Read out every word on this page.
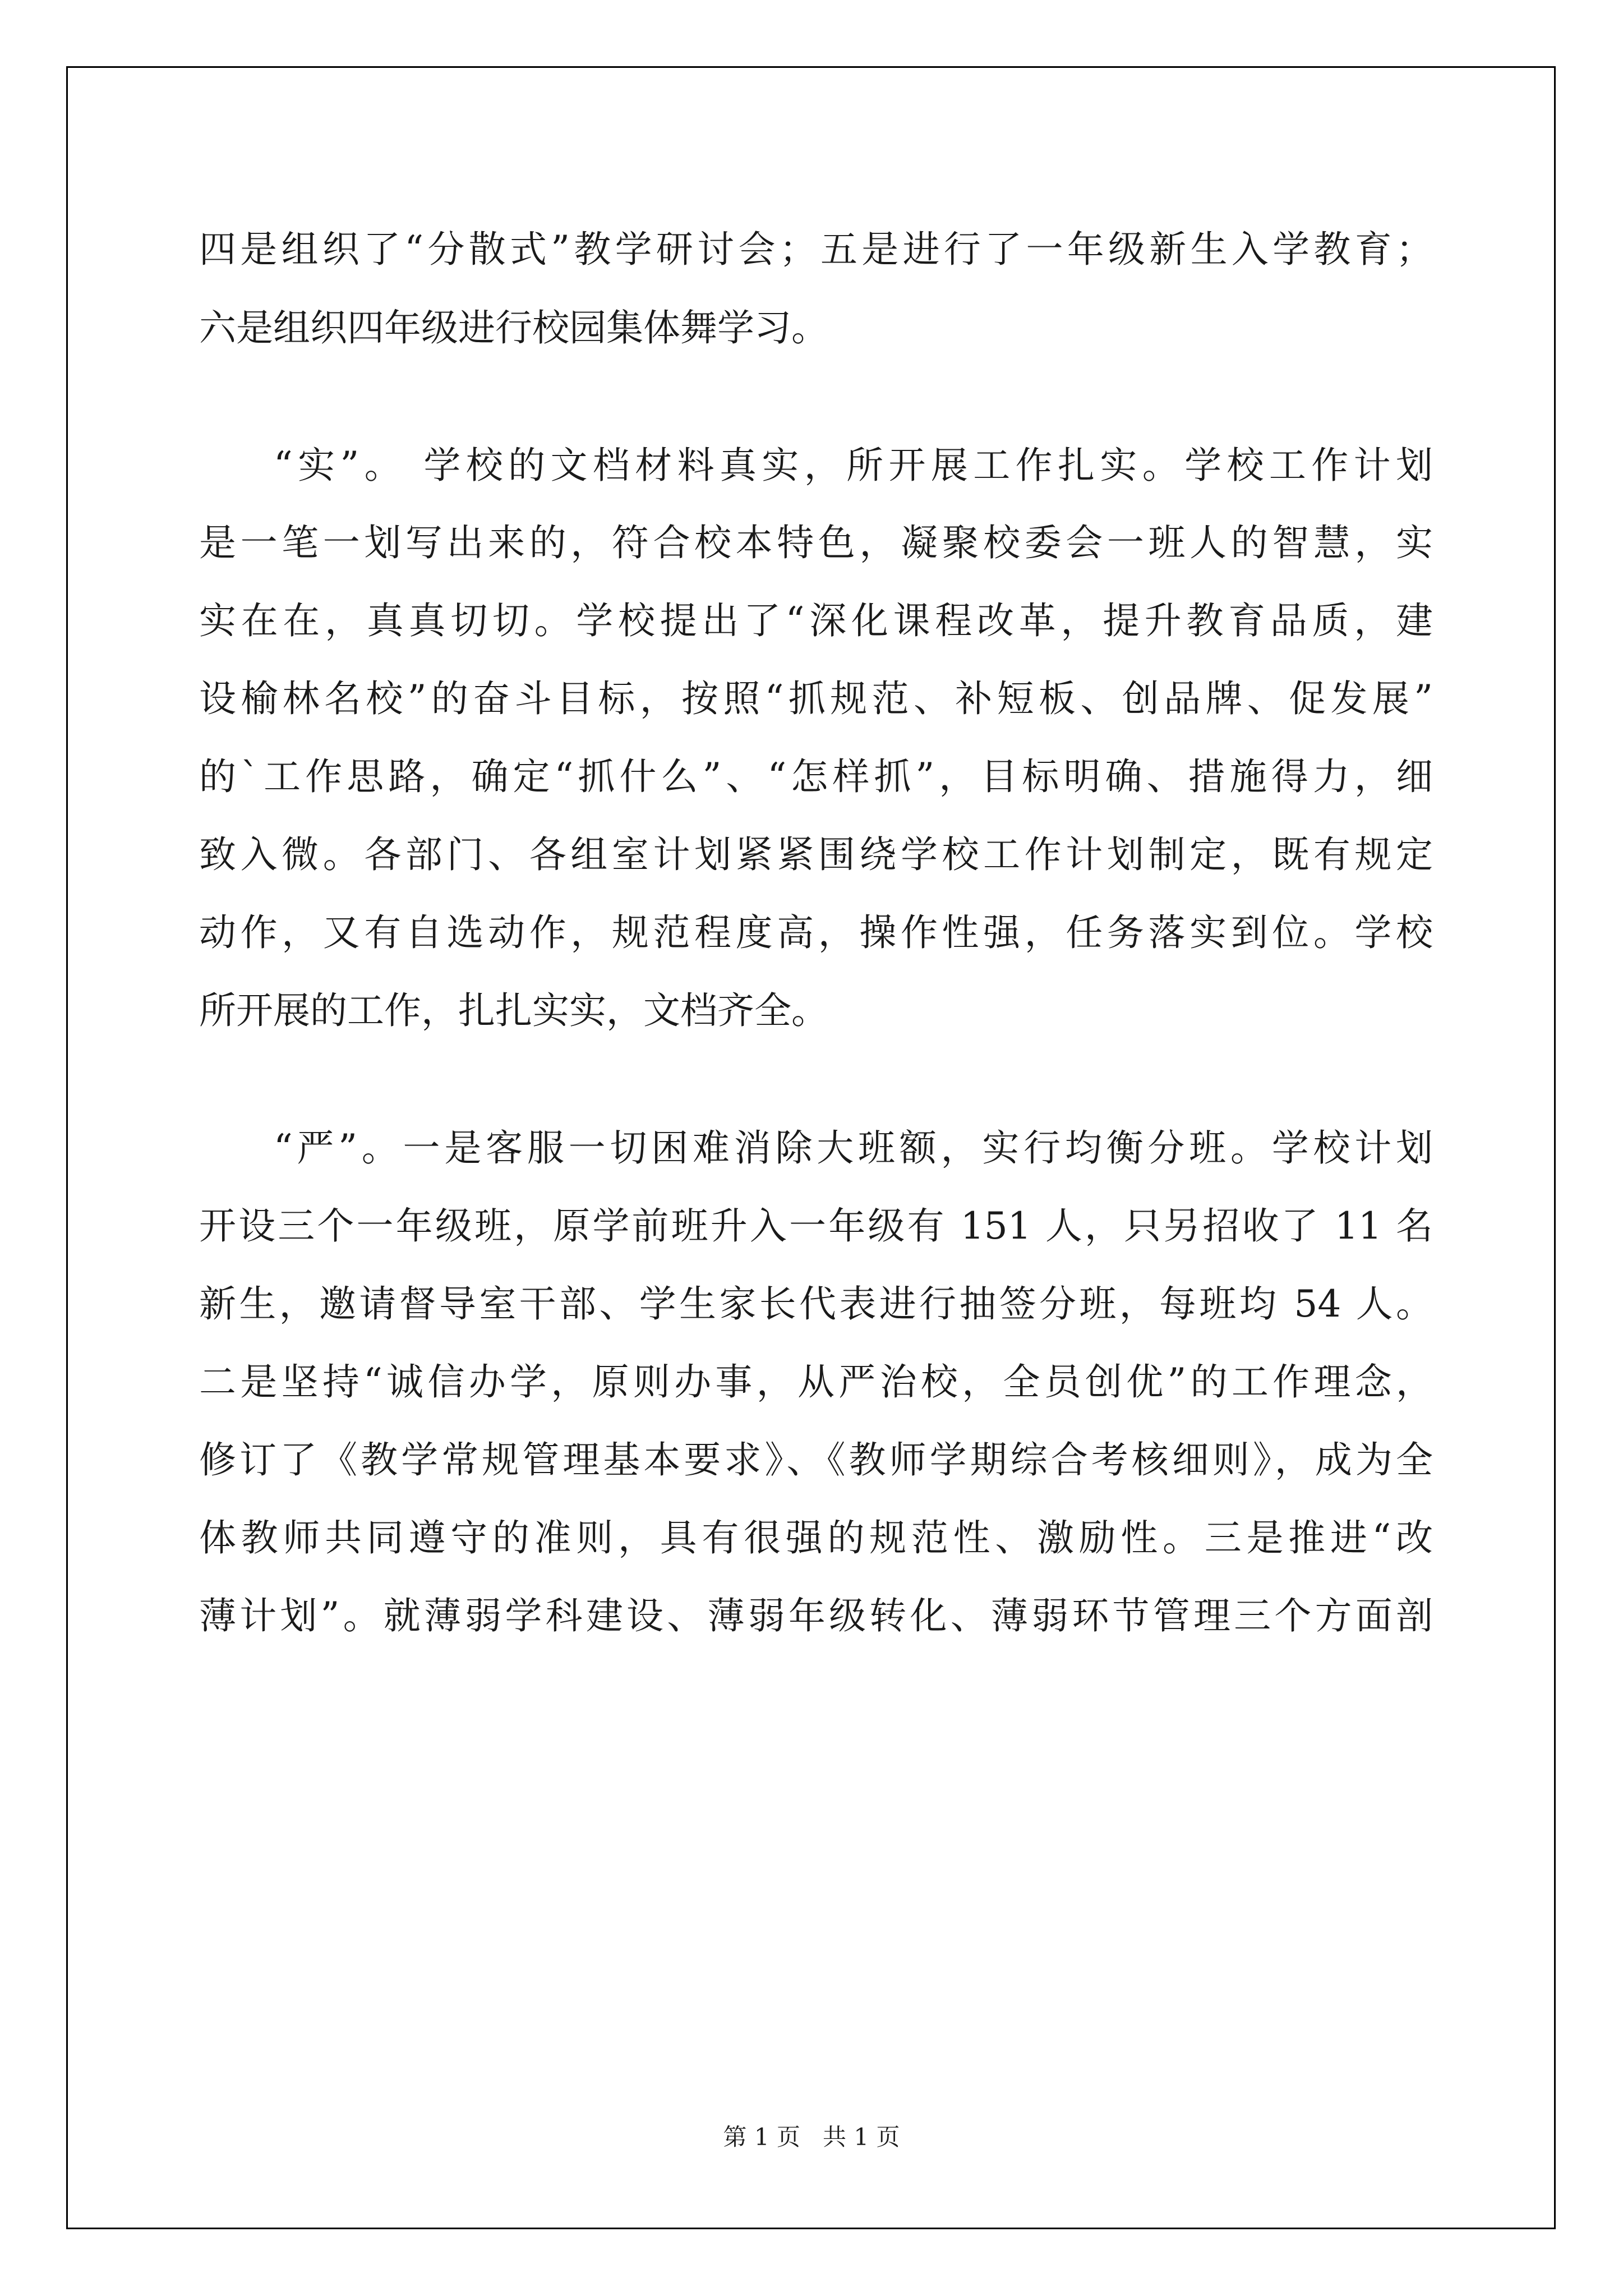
四是组织了“分散式”教学研讨会；五是进行了一年级新生入学教育；

六是组织四年级进行校园集体舞学习。

“实”。 学校的文档材料真实，所开展工作扎实。学校工作计划

是一笔一划写出来的，符合校本特色，凝聚校委会一班人的智慧，实

实在在，真真切切。学校提出了“深化课程改革，提升教育品质，建

设榆林名校”的奋斗目标，按照“抓规范、补短板、创品牌、促发展”

的`工作思路，确定“抓什么”、“怎样抓”，目标明确、措施得力，细

致入微。各部门、各组室计划紧紧围绕学校工作计划制定，既有规定

动作，又有自选动作，规范程度高，操作性强，任务落实到位。学校

所开展的工作，扎扎实实，文档齐全。

“严”。一是客服一切困难消除大班额，实行均衡分班。学校计划

开设三个一年级班，原学前班升入一年级有 151 人，只另招收了 11 名

新生，邀请督导室干部、学生家长代表进行抽签分班，每班均 54 人。

二是坚持“诚信办学，原则办事，从严治校，全员创优”的工作理念，

修订了《教学常规管理基本要求》、《教师学期综合考核细则》，成为全

体教师共同遵守的准则，具有很强的规范性、激励性。三是推进“改

薄计划”。就薄弱学科建设、薄弱年级转化、薄弱环节管理三个方面剖

第 1 页   共 1 页
